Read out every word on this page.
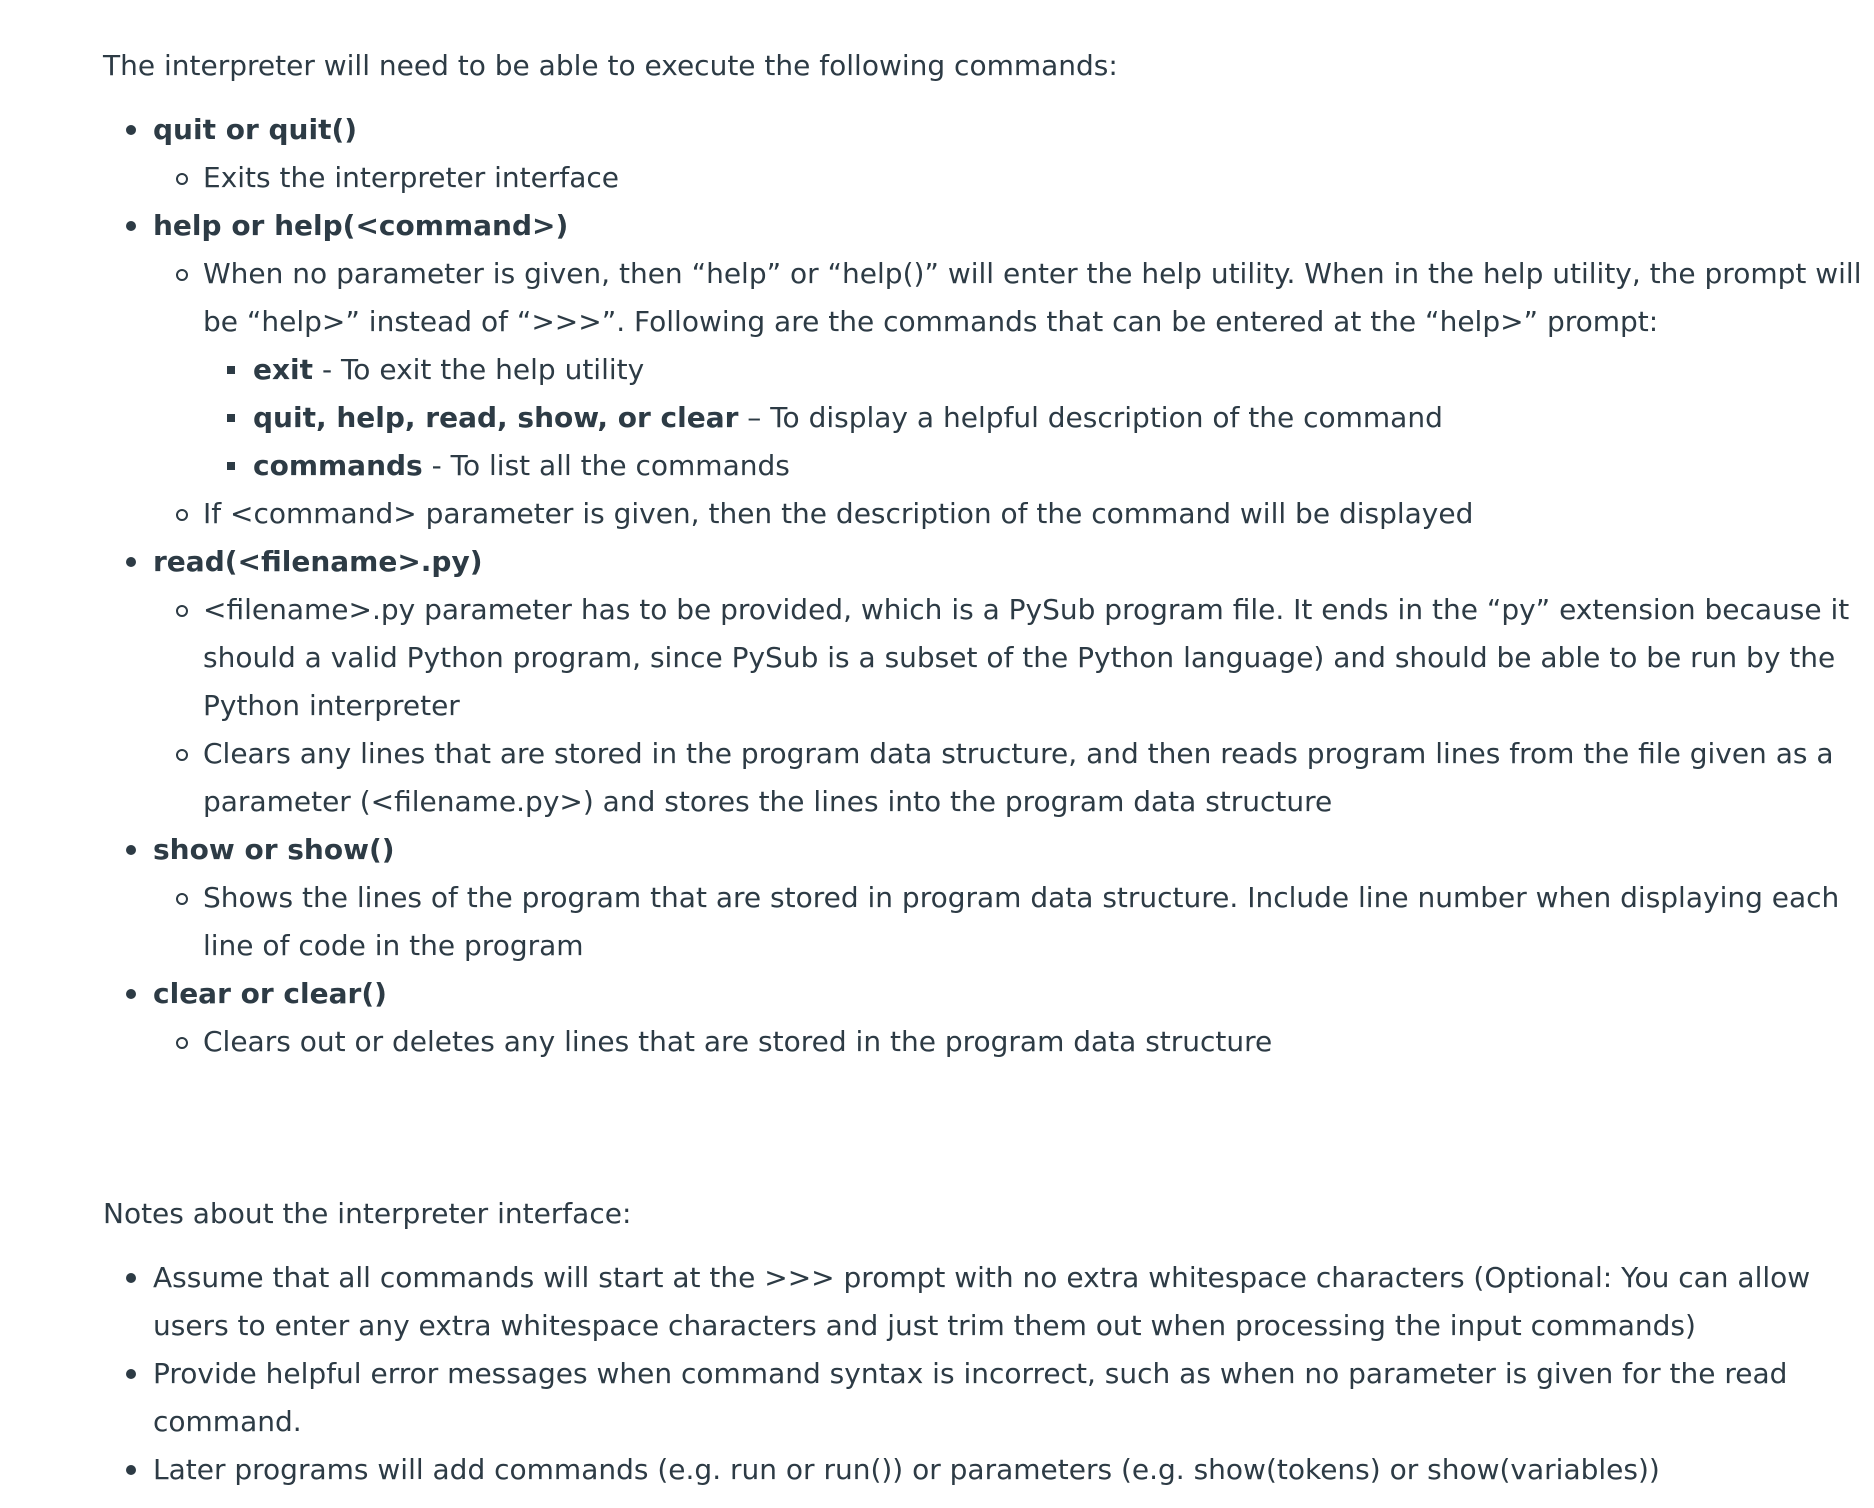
The interpreter will need to be able to execute the following commands:

quit or quit()
Exits the interpreter interface
help or help(<command>)
When no parameter is given, then “help” or “help()” will enter the help utility. When in the help utility, the prompt will be “help>” instead of “>>>”. Following are the commands that can be entered at the “help>” prompt:
exit - To exit the help utility
quit, help, read, show, or clear – To display a helpful description of the command
commands - To list all the commands
If <command> parameter is given, then the description of the command will be displayed
read(<filename>.py)
<filename>.py parameter has to be provided, which is a PySub program file. It ends in the “py” extension because it should a valid Python program, since PySub is a subset of the Python language) and should be able to be run by the Python interpreter
Clears any lines that are stored in the program data structure, and then reads program lines from the file given as a parameter (<filename.py>) and stores the lines into the program data structure
show or show()
Shows the lines of the program that are stored in program data structure. Include line number when displaying each line of code in the program
clear or clear()
Clears out or deletes any lines that are stored in the program data structure

Notes about the interpreter interface:

Assume that all commands will start at the >>> prompt with no extra whitespace characters (Optional: You can allow users to enter any extra whitespace characters and just trim them out when processing the input commands)
Provide helpful error messages when command syntax is incorrect, such as when no parameter is given for the read command.
Later programs will add commands (e.g. run or run()) or parameters (e.g. show(tokens) or show(variables))
